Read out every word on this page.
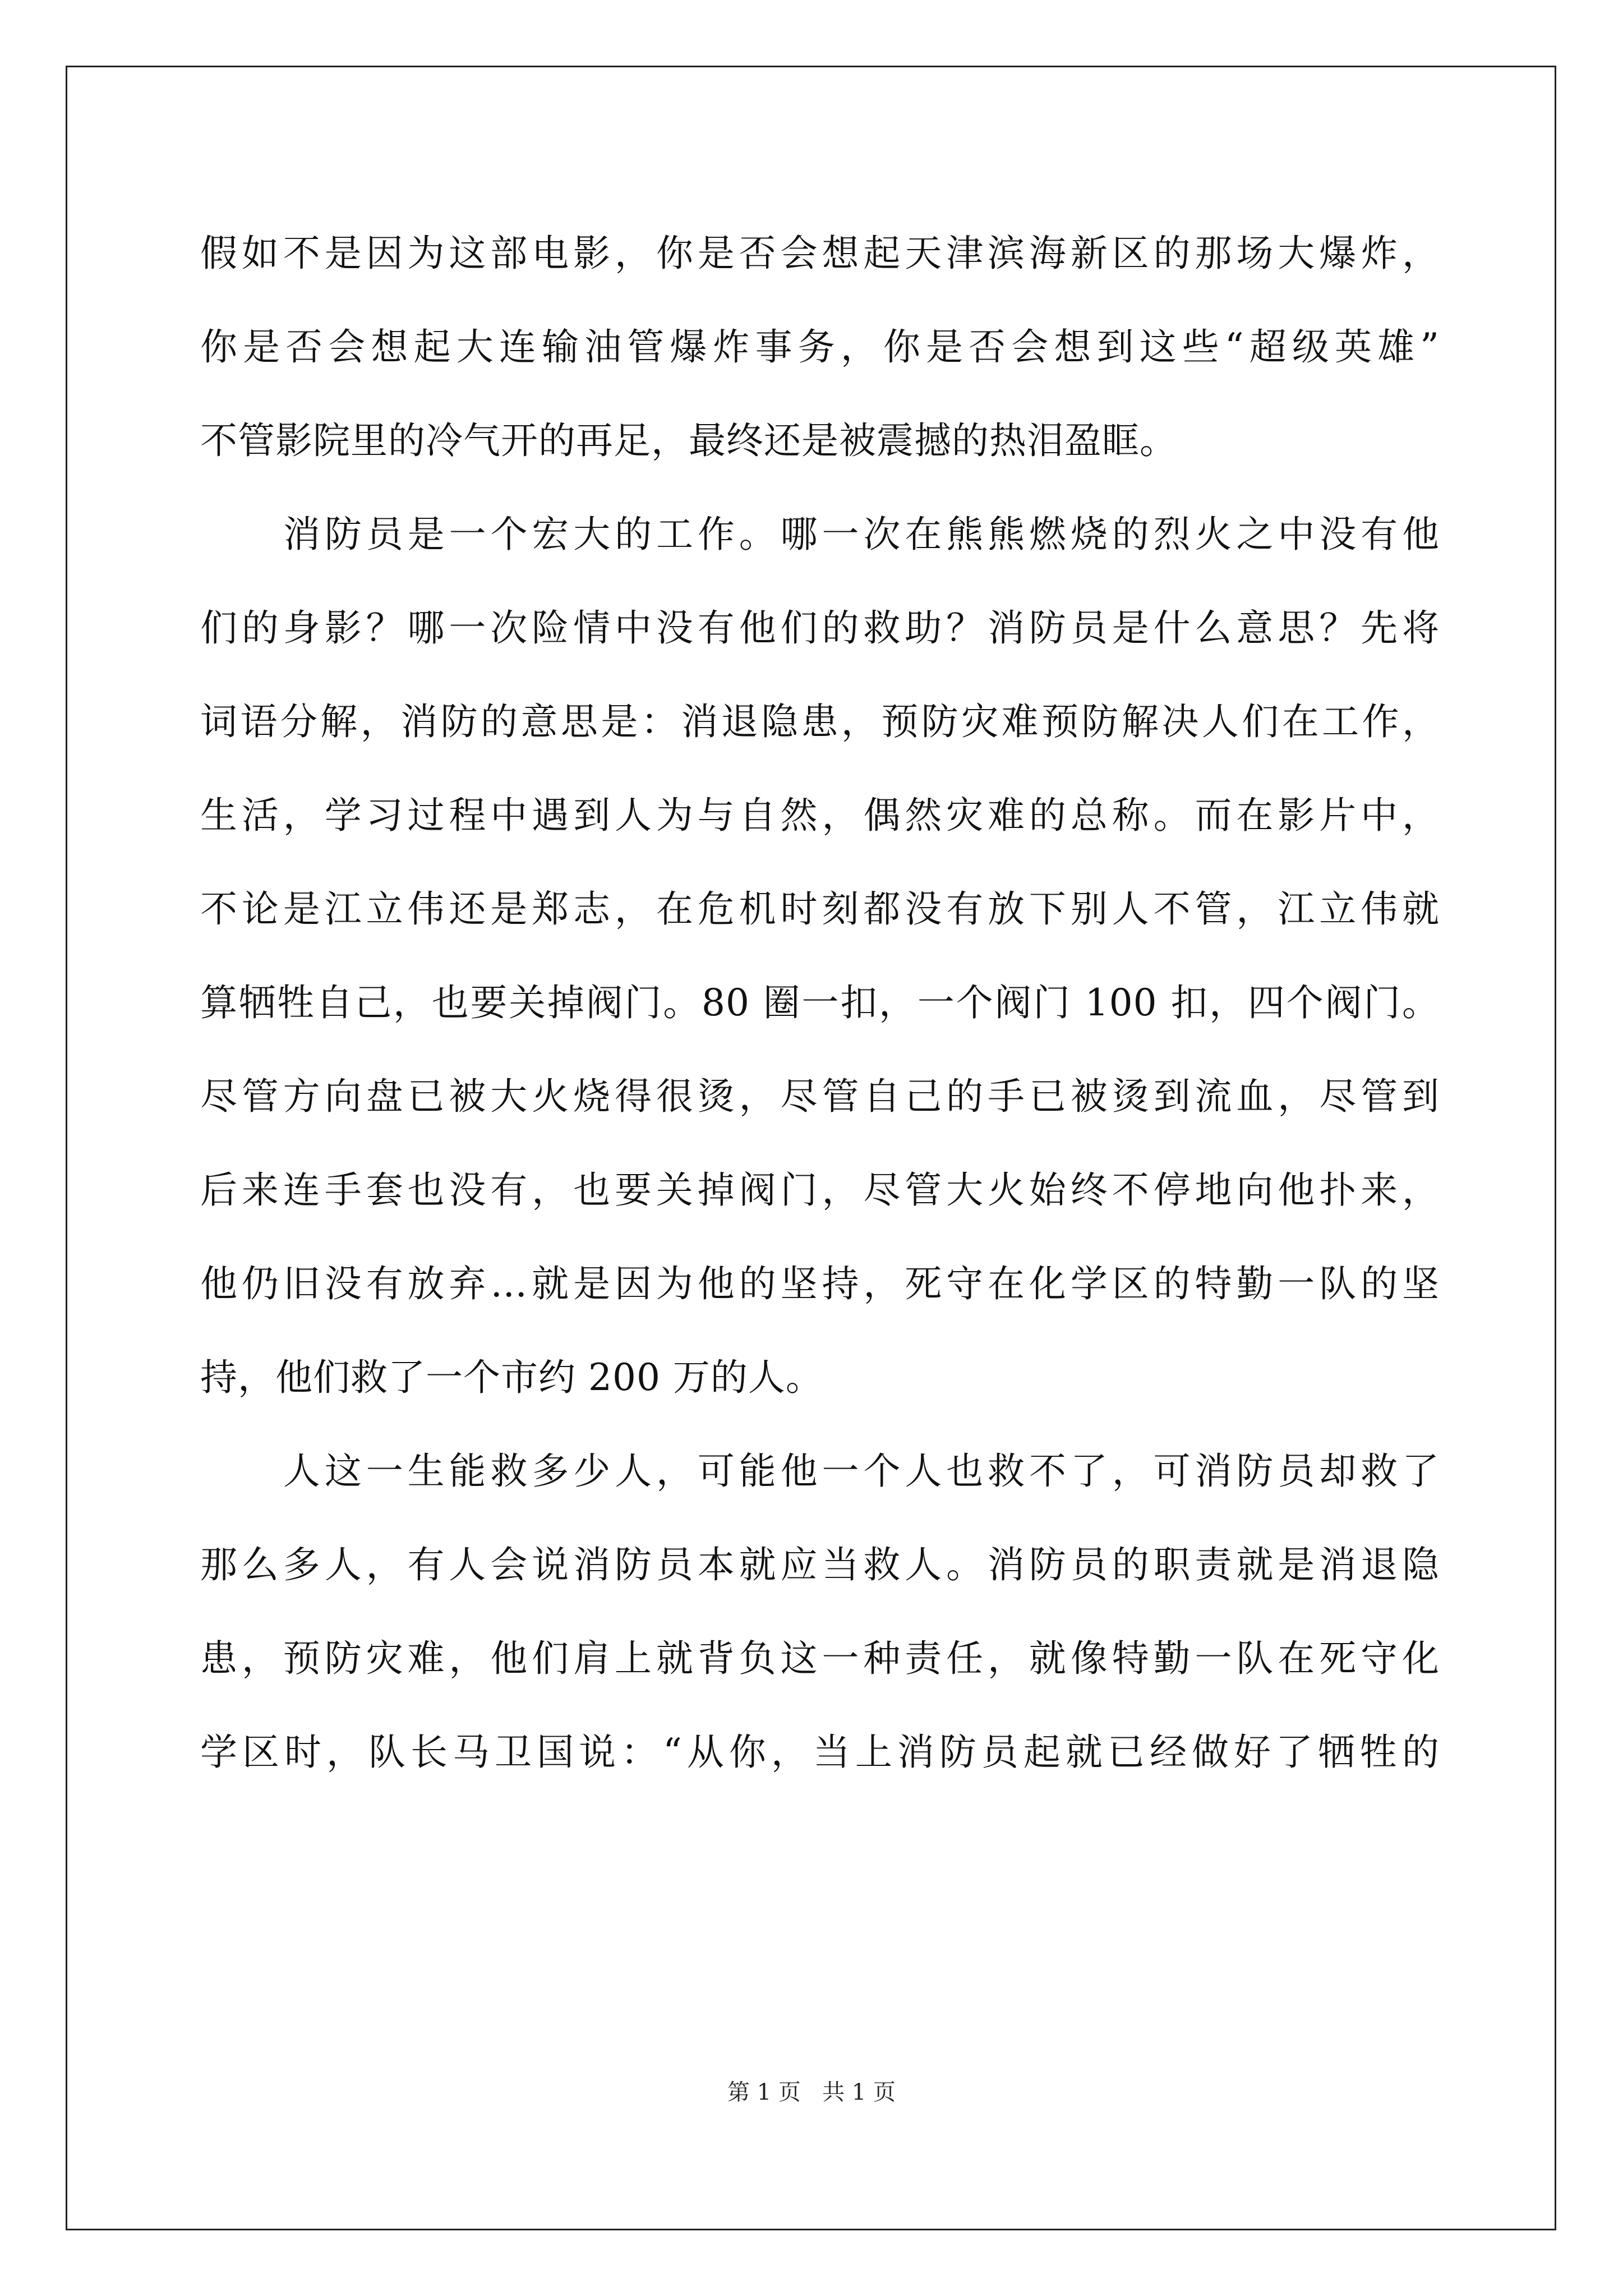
假如不是因为这部电影，你是否会想起天津滨海新区的那场大爆炸，
你是否会想起大连输油管爆炸事务，你是否会想到这些“超级英雄”
不管影院里的冷气开的再足，最终还是被震撼的热泪盈眶。
消防员是一个宏大的工作。哪一次在熊熊燃烧的烈火之中没有他
们的身影？哪一次险情中没有他们的救助？消防员是什么意思？先将
词语分解，消防的意思是：消退隐患，预防灾难预防解决人们在工作，
生活，学习过程中遇到人为与自然，偶然灾难的总称。而在影片中，
不论是江立伟还是郑志，在危机时刻都没有放下别人不管，江立伟就
算牺牲自己，也要关掉阀门。80 圈一扣，一个阀门 100 扣，四个阀门。
尽管方向盘已被大火烧得很烫，尽管自己的手已被烫到流血，尽管到
后来连手套也没有，也要关掉阀门，尽管大火始终不停地向他扑来，
他仍旧没有放弃…就是因为他的坚持，死守在化学区的特勤一队的坚
持，他们救了一个市约 200 万的人。
人这一生能救多少人，可能他一个人也救不了，可消防员却救了
那么多人，有人会说消防员本就应当救人。消防员的职责就是消退隐
患，预防灾难，他们肩上就背负这一种责任，就像特勤一队在死守化
学区时，队长马卫国说：“从你，当上消防员起就已经做好了牺牲的
第 1 页   共 1 页
